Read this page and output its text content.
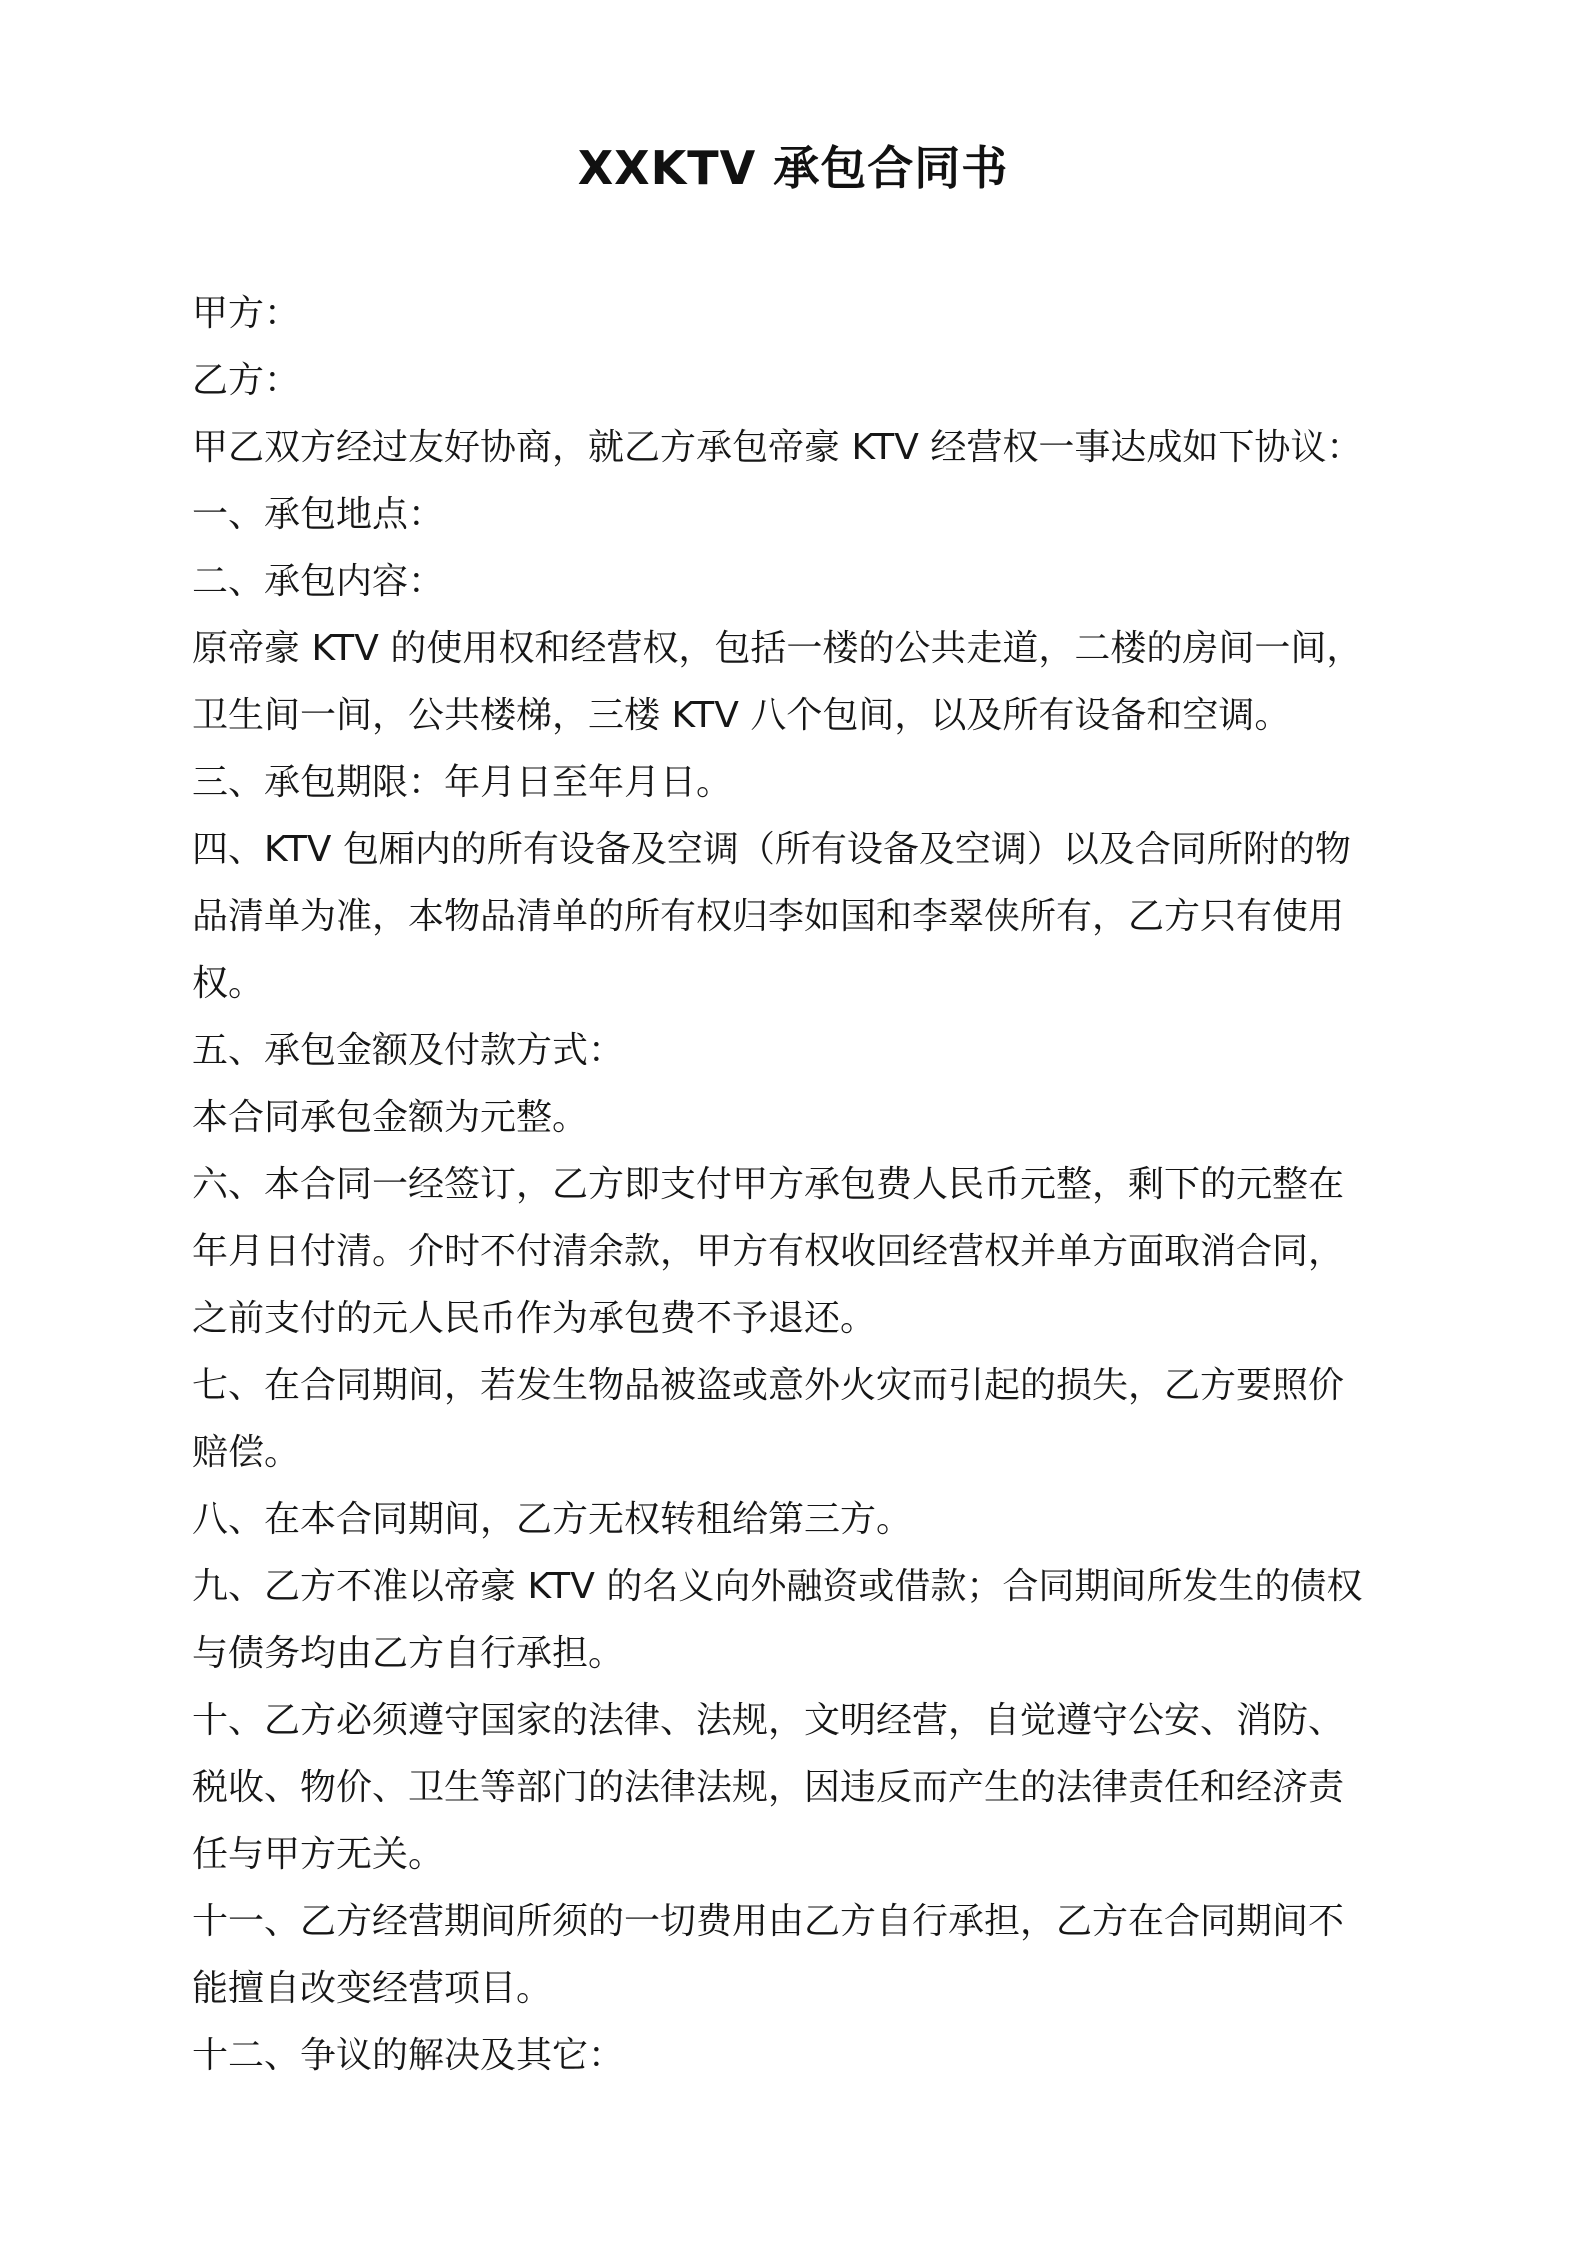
XXKTV 承包合同书
甲方：
乙方：
甲乙双方经过友好协商，就乙方承包帝豪 KTV 经营权一事达成如下协议：
一、承包地点：
二、承包内容：
原帝豪 KTV 的使用权和经营权，包括一楼的公共走道，二楼的房间一间，
卫生间一间，公共楼梯，三楼 KTV 八个包间，以及所有设备和空调。
三、承包期限：年月日至年月日。
四、KTV 包厢内的所有设备及空调（所有设备及空调）以及合同所附的物
品清单为准，本物品清单的所有权归李如国和李翠侠所有，乙方只有使用
权。
五、承包金额及付款方式：
本合同承包金额为元整。
六、本合同一经签订，乙方即支付甲方承包费人民币元整，剩下的元整在
年月日付清。介时不付清余款，甲方有权收回经营权并单方面取消合同，
之前支付的元人民币作为承包费不予退还。
七、在合同期间，若发生物品被盗或意外火灾而引起的损失，乙方要照价
赔偿。
八、在本合同期间，乙方无权转租给第三方。
九、乙方不准以帝豪 KTV 的名义向外融资或借款；合同期间所发生的债权
与债务均由乙方自行承担。
十、乙方必须遵守国家的法律、法规，文明经营，自觉遵守公安、消防、
税收、物价、卫生等部门的法律法规，因违反而产生的法律责任和经济责
任与甲方无关。
十一、乙方经营期间所须的一切费用由乙方自行承担，乙方在合同期间不
能擅自改变经营项目。
十二、争议的解决及其它：
